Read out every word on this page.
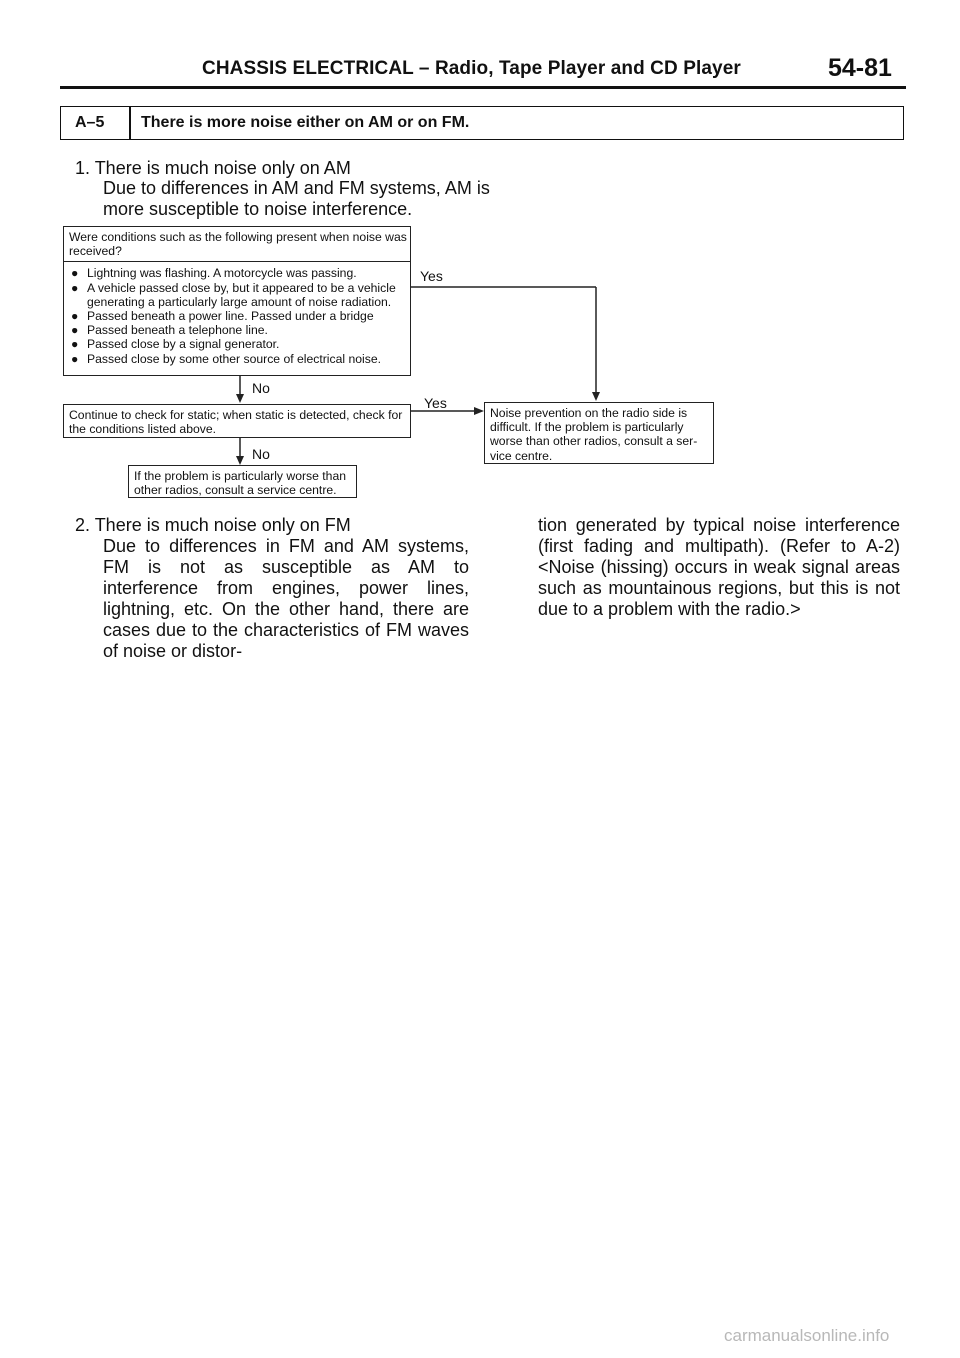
CHASSIS ELECTRICAL – Radio, Tape Player and CD Player	54-81
A–5 There is more noise either on AM or on FM.
1. There is much noise only on AM
Due to differences in AM and FM systems, AM is more susceptible to noise interference.
Yes
No
Yes
No
Were conditions such as the following present when noise was received?
● Lightning was flashing. A motorcycle was passing.
● A vehicle passed close by, but it appeared to be a vehicle generating a particularly large amount of noise radiation.
● Passed beneath a power line. Passed under a bridge
● Passed beneath a telephone line.
● Passed close by a signal generator.
● Passed close by some other source of electrical noise.
Continue to check for static; when static is detected, check for the conditions listed above.
Noise prevention on the radio side is difficult. If the problem is particularly worse than other radios, consult a ser-vice centre.
If the problem is particularly worse than other radios, consult a service centre.
2. There is much noise only on FM
Due to differences in FM and AM systems, FM is not as susceptible as AM to interference from engines, power lines, lightning, etc. On the other hand, there are cases due to the characteristics of FM waves of noise or distor-
tion generated by typical noise interference (first fading and multipath). (Refer to A-2) <Noise (hissing) occurs in weak signal areas such as mountainous regions, but this is not due to a problem with the radio.>
carmanualsonline.info
